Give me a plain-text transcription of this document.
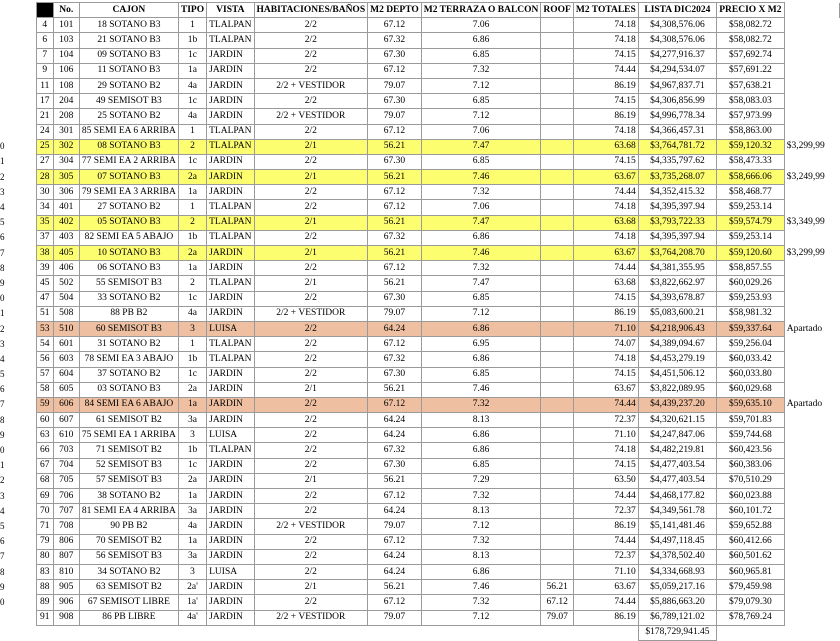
		No.	CAJON	TIPO	VISTA	HABITACIONES/BAÑOS	M2 DEPTO	M2 TERRAZA O BALCON	ROOF	M2 TOTALES	LISTA DIC2024	PRECIO X M2	
	4	101	18 SOTANO B3	1	TLALPAN	2/2	67.12	7.06		74.18	$4,308,576.06	$58,082.72	
	6	103	21 SOTANO B3	1b	TLALPAN	2/2	67.32	6.86		74.18	$4,308,576.06	$58,082.72	
	7	104	09 SOTANO B3	1c	JARDIN	2/2	67.30	6.85		74.15	$4,277,916.37	$57,692.74	
	9	106	11 SOTANO B3	1a	JARDIN	2/2	67.12	7.32		74.44	$4,294,534.07	$57,691.22	
	11	108	29 SOTANO B2	4a	JARDIN	2/2 + VESTIDOR	79.07	7.12		86.19	$4,967,837.71	$57,638.21	
	17	204	49 SEMISOT B3	1c	JARDIN	2/2	67.30	6.85		74.15	$4,306,856.99	$58,083.03	
	21	208	25 SOTANO B2	4a	JARDIN	2/2 + VESTIDOR	79.07	7.12		86.19	$4,996,778.34	$57,973.99	
	24	301	85 SEMI EA 6 ARRIBA	1	TLALPAN	2/2	67.12	7.06		74.18	$4,366,457.31	$58,863.00	
0	25	302	08 SOTANO B3	2	TLALPAN	2/1	56.21	7.47		63.68	$3,764,781.72	$59,120.32	$3,299,99
1	27	304	77 SEMI EA 2 ARRIBA	1c	JARDIN	2/2	67.30	6.85		74.15	$4,335,797.62	$58,473.33	
2	28	305	07 SOTANO B3	2a	JARDIN	2/1	56.21	7.46		63.67	$3,735,268.07	$58,666.06	$3,249,99
3	30	306	79 SEMI EA 3 ARRIBA	1a	JARDIN	2/2	67.12	7.32		74.44	$4,352,415.32	$58,468.77	
4	34	401	27 SOTANO B2	1	TLALPAN	2/2	67.12	7.06		74.18	$4,395,397.94	$59,253.14	
5	35	402	05 SOTANO B3	2	TLALPAN	2/1	56.21	7.47		63.68	$3,793,722.33	$59,574.79	$3,349,99
6	37	403	82 SEMI EA 5 ABAJO	1b	TLALPAN	2/2	67.32	6.86		74.18	$4,395,397.94	$59,253.14	
7	38	405	10 SOTANO B3	2a	JARDIN	2/1	56.21	7.46		63.67	$3,764,208.70	$59,120.60	$3,299,99
8	39	406	06 SOTANO B3	1a	JARDIN	2/2	67.12	7.32		74.44	$4,381,355.95	$58,857.55	
9	45	502	55 SEMISOT B3	2	TLALPAN	2/1	56.21	7.47		63.68	$3,822,662.97	$60,029.26	
0	47	504	33 SOTANO B2	1c	JARDIN	2/2	67.30	6.85		74.15	$4,393,678.87	$59,253.93	
1	51	508	88 PB B2	4a	JARDIN	2/2 + VESTIDOR	79.07	7.12		86.19	$5,083,600.21	$58,981.32	
2	53	510	60 SEMISOT B3	3	LUISA	2/2	64.24	6.86		71.10	$4,218,906.43	$59,337.64	Apartado
3	54	601	31 SOTANO B2	1	TLALPAN	2/2	67.12	6.95		74.07	$4,389,094.67	$59,256.04	
4	56	603	78 SEMI EA 3 ABAJO	1b	TLALPAN	2/2	67.32	6.86		74.18	$4,453,279.19	$60,033.42	
5	57	604	37 SOTANO B2	1c	JARDIN	2/2	67.30	6.85		74.15	$4,451,506.12	$60,033.80	
6	58	605	03 SOTANO B3	2a	JARDIN	2/1	56.21	7.46		63.67	$3,822,089.95	$60,029.68	
7	59	606	84 SEMI EA 6 ABAJO	1a	JARDIN	2/2	67.12	7.32		74.44	$4,439,237.20	$59,635.10	Apartado
8	60	607	61 SEMISOT B2	3a	JARDIN	2/2	64.24	8.13		72.37	$4,320,621.15	$59,701.83	
9	63	610	75 SEMI EA 1 ARRIBA	3	LUISA	2/2	64.24	6.86		71.10	$4,247,847.06	$59,744.68	
0	66	703	71 SEMISOT B2	1b	TLALPAN	2/2	67.32	6.86		74.18	$4,482,219.81	$60,423.56	
1	67	704	52 SEMISOT B3	1c	JARDIN	2/2	67.30	6.85		74.15	$4,477,403.54	$60,383.06	
2	68	705	57 SEMISOT B3	2a	JARDIN	2/1	56.21	7.29		63.50	$4,477,403.54	$70,510.29	
3	69	706	38 SOTANO B2	1a	JARDIN	2/2	67.12	7.32		74.44	$4,468,177.82	$60,023.88	
4	70	707	81 SEMI EA 4 ARRIBA	3a	JARDIN	2/2	64.24	8.13		72.37	$4,349,561.78	$60,101.72	
5	71	708	90 PB B2	4a	JARDIN	2/2 + VESTIDOR	79.07	7.12		86.19	$5,141,481.46	$59,652.88	
6	79	806	70 SEMISOT B2	1a	JARDIN	2/2	67.12	7.32		74.44	$4,497,118.45	$60,412.66	
7	80	807	56 SEMISOT B3	3a	JARDIN	2/2	64.24	8.13		72.37	$4,378,502.40	$60,501.62	
8	83	810	34 SOTANO B2	3	LUISA	2/2	64.24	6.86		71.10	$4,334,668.93	$60,965.81	
9	88	905	63 SEMISOT B2	2a'	JARDIN	2/1	56.21	7.46	56.21	63.67	$5,059,217.16	$79,459.98	
0	89	906	67 SEMISOT LIBRE	1a'	JARDIN	2/2	67.12	7.32	67.12	74.44	$5,886,663.20	$79,079.30	
	91	908	86 PB LIBRE	4a'	JARDIN	2/2 + VESTIDOR	79.07	7.12	79.07	86.19	$6,789,121.02	$78,769.24	
											$178,729,941.45		
